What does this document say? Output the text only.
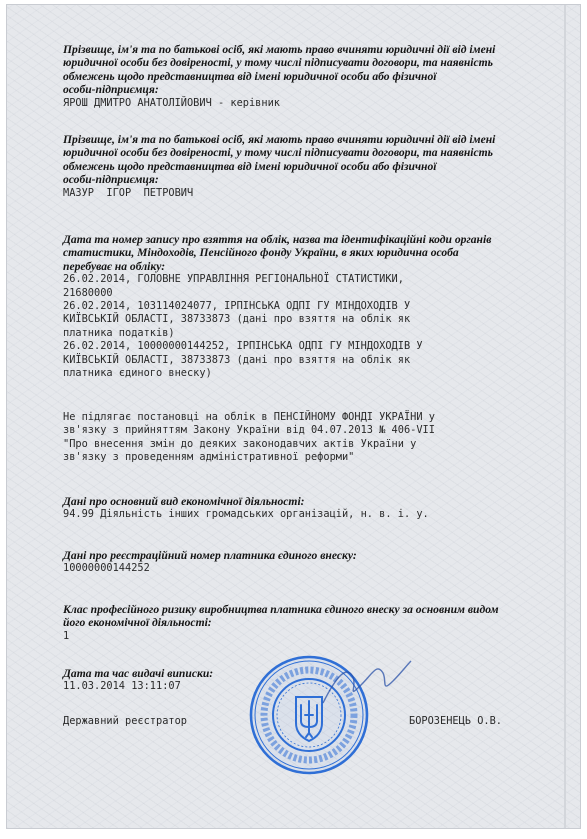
Прізвище, ім'я та по батькові осіб, які мають право вчиняти юридичні дії від імені
юридичної особи без довіреності, у тому числі підписувати договори, та наявність
обмежень щодо представництва від імені юридичної особи або фізичної
особи-підприємця:

ЯРОШ ДМИТРО АНАТОЛІЙОВИЧ - керівник

Прізвище, ім'я та по батькові осіб, які мають право вчиняти юридичні дії від імені
юридичної особи без довіреності, у тому числі підписувати договори, та наявність
обмежень щодо представництва від імені юридичної особи або фізичної
особи-підприємця:

МАЗУР  ІГОР  ПЕТРОВИЧ

Дата та номер запису про взяття на облік, назва та ідентифікаційні коди органів
статистики, Міндоходів, Пенсійного фонду України, в яких юридична особа
перебуває на обліку:

26.02.2014, ГОЛОВНЕ УПРАВЛІННЯ РЕГІОНАЛЬНОЇ СТАТИСТИКИ,
21680000
26.02.2014, 103114024077, ІРПІНСЬКА ОДПІ ГУ МІНДОХОДІВ У
КИЇВСЬКІЙ ОБЛАСТІ, 38733873 (дані про взяття на облік як
платника податків)
26.02.2014, 10000000144252, ІРПІНСЬКА ОДПІ ГУ МІНДОХОДІВ У
КИЇВСЬКІЙ ОБЛАСТІ, 38733873 (дані про взяття на облік як
платника єдиного внеску)

Не підлягає постановці на облік в ПЕНСІЙНОМУ ФОНДІ УКРАЇНИ у
зв'язку з прийняттям Закону України від 04.07.2013 № 406-VII
"Про внесення змін до деяких законодавчих актів України у
зв'язку з проведенням адміністративної реформи"

Дані про основний вид економічної діяльності:

94.99 Діяльність інших громадських організацій, н. в. і. у.

Дані про реєстраційний номер платника єдиного внеску:

10000000144252

Клас професійного ризику виробництва платника єдиного внеску за основним видом
його економічної діяльності:

1

Дата та час видачі виписки:

11.03.2014 13:11:07

Державний реєстратор	БОРОЗЕНЕЦЬ О.В.
